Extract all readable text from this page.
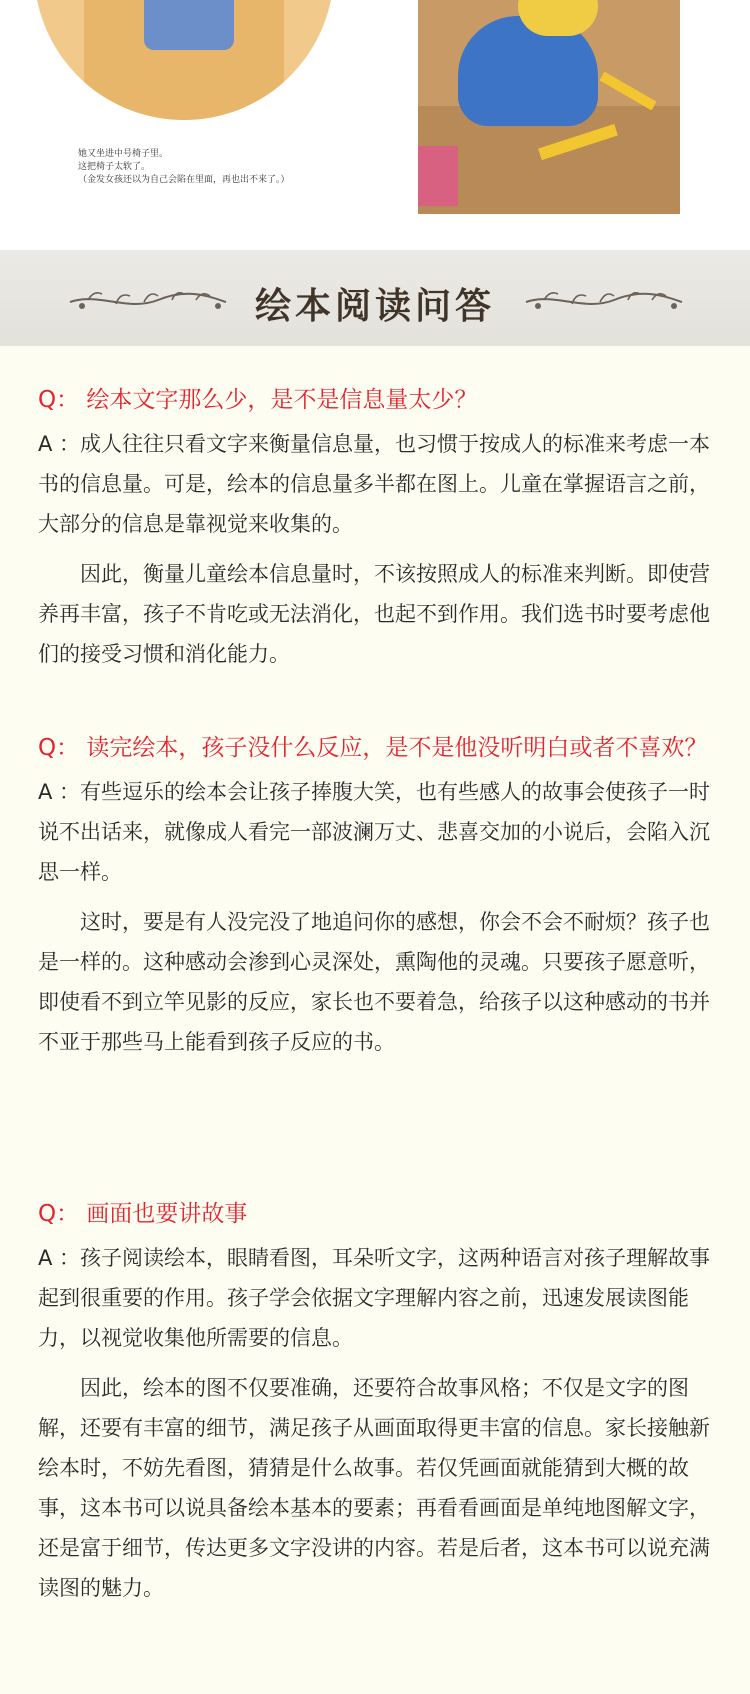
她又坐进中号椅子里。
这把椅子太软了。
（金发女孩还以为自己会陷在里面，再也出不来了。）
绘本阅读问答

Q： 绘本文字那么少，是不是信息量太少？

A ：成人往往只看文字来衡量信息量，也习惯于按成人的标准来考虑一本书的信息量。可是，绘本的信息量多半都在图上。儿童在掌握语言之前，大部分的信息是靠视觉来收集的。

因此，衡量儿童绘本信息量时，不该按照成人的标准来判断。即使营养再丰富，孩子不肯吃或无法消化，也起不到作用。我们选书时要考虑他们的接受习惯和消化能力。

Q： 读完绘本，孩子没什么反应，是不是他没听明白或者不喜欢？

A ：有些逗乐的绘本会让孩子捧腹大笑，也有些感人的故事会使孩子一时说不出话来，就像成人看完一部波澜万丈、悲喜交加的小说后，会陷入沉思一样。

这时，要是有人没完没了地追问你的感想，你会不会不耐烦？孩子也是一样的。这种感动会渗到心灵深处，熏陶他的灵魂。只要孩子愿意听，即使看不到立竿见影的反应，家长也不要着急，给孩子以这种感动的书并不亚于那些马上能看到孩子反应的书。

Q： 画面也要讲故事

A ：孩子阅读绘本，眼睛看图，耳朵听文字，这两种语言对孩子理解故事起到很重要的作用。孩子学会依据文字理解内容之前，迅速发展读图能力，以视觉收集他所需要的信息。

因此，绘本的图不仅要准确，还要符合故事风格；不仅是文字的图解，还要有丰富的细节，满足孩子从画面取得更丰富的信息。家长接触新绘本时，不妨先看图，猜猜是什么故事。若仅凭画面就能猜到大概的故事，这本书可以说具备绘本基本的要素；再看看画面是单纯地图解文字，还是富于细节，传达更多文字没讲的内容。若是后者，这本书可以说充满读图的魅力。
